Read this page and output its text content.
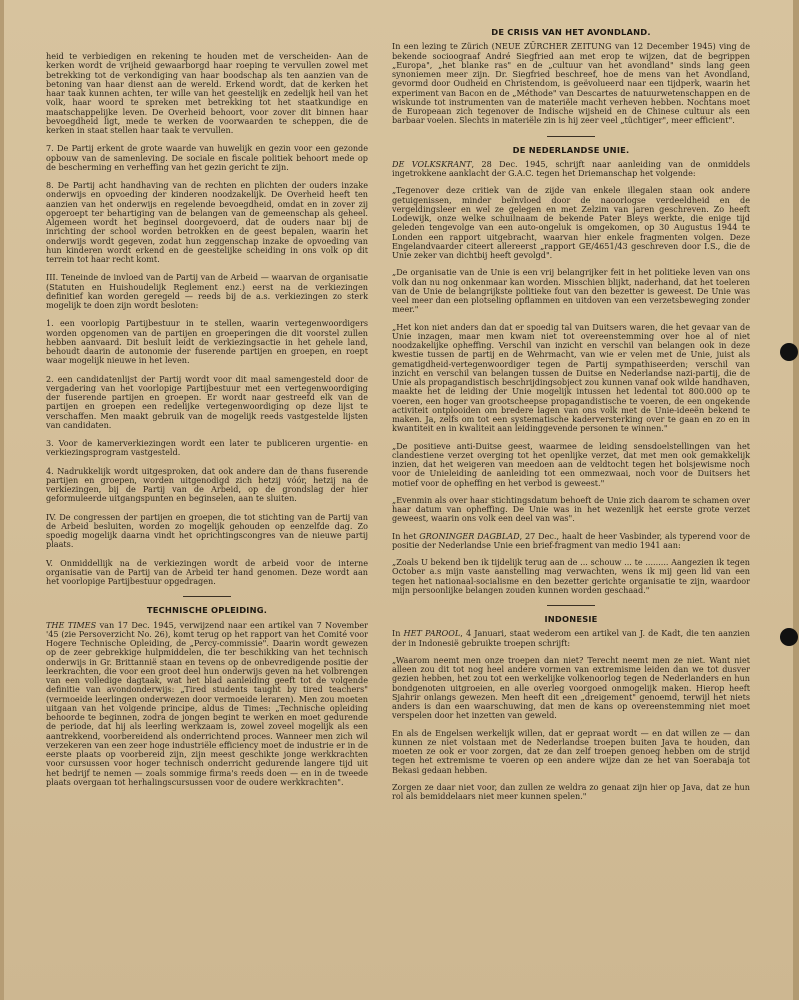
heid te verbiedigen en rekening te houden met de verscheiden- Aan de kerken wordt de vrijheid gewaarborgd haar roeping te vervullen zowel met betrekking tot de verkondiging van haar boodschap als ten aanzien van de betoning van haar dienst aan de wereld. Erkend wordt, dat de kerken het haar taak kunnen achten, ter wille van het geestelijk en zedelijk heil van het volk, haar woord te spreken met betrekking tot het staatkundige en maatschappelijke leven. De Overheid behoort, voor zover dit binnen haar bevoegdheid ligt, mede te werken de voorwaarden te scheppen, die de kerken in staat stellen haar taak te vervullen.

7. De Partij erkent de grote waarde van huwelijk en gezin voor een gezonde opbouw van de samenleving. De sociale en fiscale politiek behoort mede op de bescherming en verheffing van het gezin gericht te zijn.

8. De Partij acht handhaving van de rechten en plichten der ouders inzake onderwijs en opvoeding der kinderen noodzakelijk. De Overheid heeft ten aanzien van het onderwijs en regelende bevoegdheid, omdat en in zover zij opgeroept ter behartiging van de belangen van de gemeenschap als geheel. Algemeen wordt het beginsel doorgevoerd, dat de ouders naar bij de inrichting der school worden betrokken en de geest bepalen, waarin het onderwijs wordt gegeven, zodat hun zeggenschap inzake de opvoeding van hun kinderen wordt erkend en de geestelijke scheiding in ons volk op dit terrein tot haar recht komt.

III. Teneinde de invloed van de Partij van de Arbeid — waarvan de organisatie (Statuten en Huishoudelijk Reglement enz.) eerst na de verkiezingen definitief kan worden geregeld — reeds bij de a.s. verkiezingen zo sterk mogelijk te doen zijn wordt besloten:

1. een voorlopig Partijbestuur in te stellen, waarin vertegenwoordigers worden opgenomen van de partijen en groeperingen die dit voorstel zullen hebben aanvaard. Dit besluit leidt de verkiezingsactie in het gehele land, behoudt daarin de autonomie der fuserende partijen en groepen, en roept waar mogelijk nieuwe in het leven.

2. een candidatenlijst der Partij wordt voor dit maal samengesteld door de vergadering van het voorlopige Partijbestuur met een vertegenwoordiging der fuserende partijen en groepen. Er wordt naar gestreefd elk van de partijen en groepen een redelijke vertegenwoordiging op deze lijst te verschaffen. Men maakt gebruik van de mogelijk reeds vastgestelde lijsten van candidaten.

3. Voor de kamerverkiezingen wordt een later te publiceren urgentie- en verkiezingsprogram vastgesteld.

4. Nadrukkelijk wordt uitgesproken, dat ook andere dan de thans fuserende partijen en groepen, worden uitgenodigd zich hetzij vóór, hetzij na de verkiezingen, bij de Partij van de Arbeid, op de grondslag der hier geformuleerde uitgangspunten en beginselen, aan te sluiten.

IV. De congressen der partijen en groepen, die tot stichting van de Partij van de Arbeid besluiten, worden zo mogelijk gehouden op eenzelfde dag. Zo spoedig mogelijk daarna vindt het oprichtingscongres van de nieuwe partij plaats.

V. Onmiddellijk na de verkiezingen wordt de arbeid voor de interne organisatie van de Partij van de Arbeid ter hand genomen. Deze wordt aan het voorlopige Partijbestuur opgedragen.

TECHNISCHE OPLEIDING.

THE TIMES van 17 Dec. 1945, verwijzend naar een artikel van 7 November '45 (zie Persoverzicht No. 26), komt terug op het rapport van het Comité voor Hogere Technische Opleiding, de „Percy-commissie". Daarin wordt gewezen op de zeer gebrekkige hulpmiddelen, die ter beschikking van het technisch onderwijs in Gr. Brittannië staan en tevens op de onbevredigende positie der leerkrachten, die voor een groot deel hun onderwijs geven na het volbrengen van een volledige dagtaak, wat het blad aanleiding geeft tot de volgende definitie van avondonderwijs: „Tired students taught by tired teachers" (vermoeide leerlingen onderwezen door vermoeide leraren). Men zou moeten uitgaan van het volgende principe, aldus de Times: „Technische opleiding behoorde te beginnen, zodra de jongen begint te werken en moet gedurende de periode, dat hij als leerling werkzaam is, zowel zoveel mogelijk als een aantrekkend, voorbereidend als onderrichtend proces. Wanneer men zich wil verzekeren van een zeer hoge industriële efficiency moet de industrie er in de eerste plaats op voorbereid zijn, zijn meest geschikte jonge werkkrachten voor cursussen voor hoger technisch onderricht gedurende langere tijd uit het bedrijf te nemen — zoals sommige firma's reeds doen — en in de tweede plaats overgaan tot herhalingscursussen voor de oudere werkkrachten".

DE CRISIS VAN HET AVONDLAND.

In een lezing te Zürich (NEUE ZÜRCHER ZEITUNG van 12 December 1945) ving de bekende socioograaf André Siegfried aan met erop te wijzen, dat de begrippen „Europa", „het blanke ras" en de „cultuur van het avondland" sinds lang geen synoniemen meer zijn. Dr. Siegfried beschreef, hoe de mens van het Avondland, gevormd door Oudheid en Christendom, is geëvolueerd naar een tijdperk, waarin het experiment van Bacon en de „Méthode" van Descartes de natuurwetenschappen en de wiskunde tot instrumenten van de materiële macht verheven hebben. Nochtans moet de Europeaan zich tegenover de Indische wijsheid en de Chinese cultuur als een barbaar voelen. Slechts in materiële zin is hij zeer veel „tüchtiger", meer efficient".

DE NEDERLANDSE UNIE.

DE VOLKSKRANT, 28 Dec. 1945, schrijft naar aanleiding van de onmiddels ingetrokkene aanklacht der G.A.C. tegen het Driemanschap het volgende:

„Tegenover deze critiek van de zijde van enkele illegalen staan ook andere getuigenissen, minder beïnvloed door de naoorlogse verdeeldheid en de vergeldingsleer en wel ze gelegen en met Zelzim van jaren geschreven. Zo heeft Lodewijk, onze welke schuilnaam de bekende Pater Bleys werkte, die enige tijd geleden tengevolge van een auto-ongeluk is omgekomen, op 30 Augustus 1944 te Londen een rapport uitgebracht, waarvan hier enkele fragmenten volgen. Deze Engelandvaarder citeert allereerst „rapport GE/4651/43 geschreven door I.S., die de Unie zeker van dichtbij heeft gevolgd".

„De organisatie van de Unie is een vrij belangrijker feit in het politieke leven van ons volk dan nu nog onkenmaar kan worden. Misschien blijkt, naderhand, dat het toeleren van de Unie de belangrijkste politieke fout van den bezetter is geweest. De Unie was veel meer dan een plotseling opflammen en uitdoven van een verzetsbeweging zonder meer."

„Het kon niet anders dan dat er spoedig tal van Duitsers waren, die het gevaar van de Unie inzagen, maar men kwam niet tot overeenstemming over hoe al of niet noodzakelijke opheffing. Verschil van inzicht en verschil van belangen ook in deze kwestie tussen de partij en de Wehrmacht, van wie er velen met de Unie, juist als gematigdheid-vertegenwoordiger tegen de Partij sympathiseerden; verschil van inzicht en verschil van belangen tussen de Duitse en Nederlandse nazi-partij, die de Unie als propagandistisch beschrijdingsobject zou kunnen vanaf ook wilde handhaven, maakte het de leiding der Unie mogelijk intussen het ledental tot 800.000 op te voeren, een hoger van grootscheepse propagandistische te voeren, de een ongekende activiteit ontplooiden om bredere lagen van ons volk met de Unie-ideeën bekend te maken. Ja, zelfs om tot een systematische kaderversterking over te gaan en zo en in kwantiteit en in kwaliteit aan leidinggevende personen te winnen."

„De positieve anti-Duitse geest, waarmee de leiding sensdoelstellingen van het clandestiene verzet overging tot het openlijke verzet, dat met men ook gemakkelijk inzien, dat het weigeren van meedoen aan de veldtocht tegen het bolsjewisme noch voor de Unieleiding de aanleiding tot een ommezwaai, noch voor de Duitsers het motief voor de opheffing en het verbod is geweest."

„Evenmin als over haar stichtingsdatum behoeft de Unie zich daarom te schamen over haar datum van opheffing. De Unie was in het wezenlijk het eerste grote verzet geweest, waarin ons volk een deel van was".

In het GRONINGER DAGBLAD, 27 Dec., haalt de heer Vasbinder, als typerend voor de positie der Nederlandse Unie een brief-fragment van medio 1941 aan:

„Zoals U bekend ben ik tijdelijk terug aan de ... schouw ... te ......... Aangezien ik tegen October a.s mijn vaste aanstelling mag verwachten, wens ik mij geen lid van een tegen het nationaal-socialisme en den bezetter gerichte organisatie te zijn, waardoor mijn persoonlijke belangen zouden kunnen worden geschaad."

INDONESIE

In HET PAROOL, 4 Januari, staat wederom een artikel van J. de Kadt, die ten aanzien der in Indonesië gebruikte troepen schrijft:

„Waarom neemt men onze troepen dan niet? Terecht neemt men ze niet. Want niet alleen zou dit tot nog heel andere vormen van extremisme leiden dan we tot dusver gezien hebben, het zou tot een werkelijke volkenoorlog tegen de Nederlanders en hun bondgenoten uitgroeien, en alle overleg voorgoed onmogelijk maken. Hierop heeft Sjahrir onlangs gewezen. Men heeft dit een „dreigement" genoemd, terwijl het niets anders is dan een waarschuwing, dat men de kans op overeenstemming niet moet verspelen door het inzetten van geweld.

En als de Engelsen werkelijk willen, dat er gepraat wordt — en dat willen ze — dan kunnen ze niet volstaan met de Nederlandse troepen buiten Java te houden, dan moeten ze ook er voor zorgen, dat ze dan zelf troepen genoeg hebben om de strijd tegen het extremisme te voeren op een andere wijze dan ze het van Soerabaja tot Bekasi gedaan hebben.

Zorgen ze daar niet voor, dan zullen ze weldra zo genaat zijn hier op Java, dat ze hun rol als bemiddelaars niet meer kunnen spelen."
